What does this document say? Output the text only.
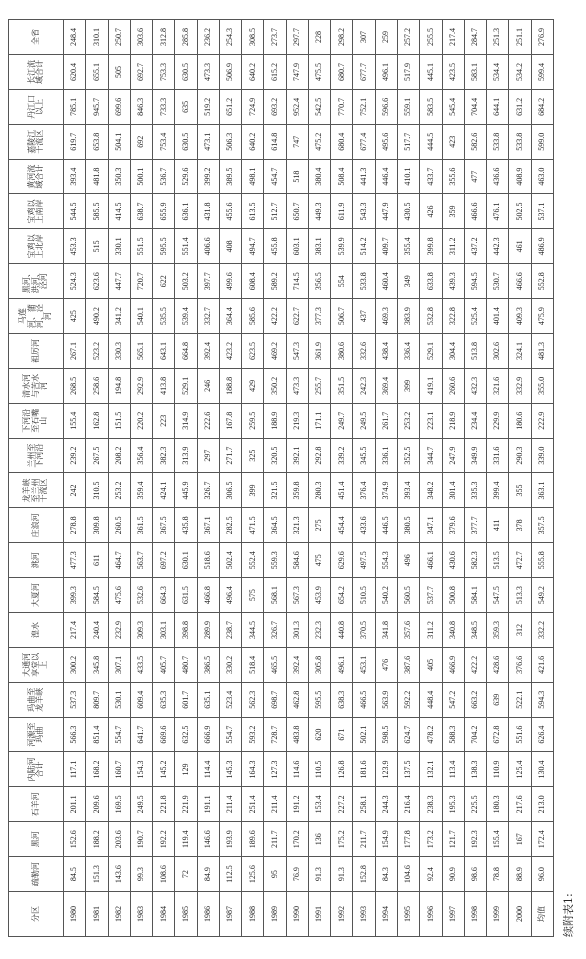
续附表1:
分区	疏勒河	黑河	石羊河	内陆河合计	河源至玛曲	玛曲至龙羊峡	大通河享堂以上	湟水	大夏河	洮河	庄浪河	龙羊峡至兰州干流区	兰州至下河沿	下河沿至石嘴山	清水河与苦水河	祖厉河	马莲河、蒲河、泾河	黑河、洪河、泾河	宝鸡以上北岸	宝鸡以上南岸	黄河流域合计	嘉陵江干流区	丹江口以上	长江流域合计	全省
1980	84.5	152.6	201.1	117.1	566.3	537.3	300.2	217.4	399.3	477.3	278.8	242	239.2	155.4	268.5	267.1	425	524.3	453.3	544.5	393.4	619.7	785.1	620.4	248.4
1981	151.3	188.2	209.6	168.2	851.4	809.7	345.8	240.4	584.5	611	309.8	310.5	267.5	162.8	258.6	523.2	490.2	623.6	515	585.5	481.8	653.8	945.7	655.1	310.1
1982	143.6	203.6	169.5	160.7	554.7	530.1	307.1	232.9	475.6	464.7	260.5	253.2	208.2	151.5	194.8	330.3	341.2	447.7	330.1	414.5	350.3	504.1	699.6	505	250.7
1983	99.3	190.7	249.5	154.3	641.7	609.4	433.5	309.3	532.6	563.7	361.5	359.4	356.4	220.2	292.9	565.1	540.1	720.7	551.5	638.7	500.1	692	846.3	692.7	303.6
1984	108.6	192.2	221.8	145.2	669.6	635.3	405.7	303.1	664.3	697.2	367.5	424.1	382.3	223	413.8	643.1	535.5	622	595.5	655.9	536.7	753.4	733.3	753.3	312.8
1985	72	119.4	221.9	129	632.5	601.7	480.7	398.8	631.5	630.1	435.8	445.9	313.9	314.9	529.1	664.8	539.4	503.2	551.4	636.1	529.6	630.5	635	630.5	285.8
1986	84.9	146.6	191.1	114.4	666.9	635.1	386.5	289.9	466.8	518.6	367.1	326.7	297	222.6	246	392.4	332.7	397.7	406.6	431.8	399.2	473.1	519.2	473.3	236.2
1987	112.5	193.9	211.4	145.3	554.7	523.4	330.2	238.7	496.4	502.4	282.5	306.5	271.7	167.8	188.8	423.2	364.4	499.6	408	455.6	389.5	506.3	651.2	506.9	254.3
1988	125.6	189.6	251.4	164.3	593.2	562.3	518.4	344.5	575	552.4	471.5	399	325	259.5	429	623.5	585.6	608.4	494.7	613.5	498.1	640.2	724.9	640.2	308.5
1989	95	211.7	211.4	127.3	728.7	698.7	465.5	326.7	568.1	559.3	364.5	321.5	320.5	188.9	350.2	469.2	422.2	589.2	455.8	512.7	454.7	614.8	693.2	615.2	273.7
1990	76.9	170.2	191.2	114.6	483.8	462.8	392.4	301.3	567.3	584.6	321.3	359.8	392.1	219.3	473.3	547.3	622.7	714.5	603.1	650.7	518	747	952.4	747.9	297.7
1991	91.3	136	153.4	110.5	620	595.5	305.8	232.3	453.9	475	275	280.3	292.8	171.1	255.7	361.9	377.3	356.5	383.1	449.3	380.4	475.2	542.5	475.5	228
1992	91.3	175.2	227.2	126.8	671	638.3	496.1	440.8	654.2	629.6	454.4	451.4	339.2	249.7	351.5	380.6	506.7	554	539.9	611.9	508.4	680.4	770.7	680.7	298.2
1993	152.8	211.7	258.1	181.6	502.1	466.5	453.1	370.5	510.5	497.5	433.6	376.4	345.5	249.5	242.3	332.6	437	533.8	514.2	543.3	441.3	677.4	752.1	677.7	307
1994	84.3	154.9	244.3	123.9	598.5	563.9	476	341.8	540.2	554.3	446.5	374.9	336.1	261.7	369.4	438.4	469.3	460.4	409.7	447.9	446.4	495.6	596.6	496.1	259
1995	104.6	177.8	216.4	137.5	624.7	592.2	387.6	357.6	560.5	496	380.5	393.4	352.5	253.2	399	336.4	383.9	349	355.4	430.5	410.1	517.7	559.1	517.9	257.2
1996	92.4	173.2	238.3	132.1	478.2	448.4	405	311.2	537.7	466.1	347.1	348.2	344.7	223.1	419.1	529.1	532.8	633.8	399.8	426	433.7	444.5	583.5	445.1	255.5
1997	90.9	121.7	195.3	113.4	588.3	547.2	466.9	340.8	500.8	430.6	379.6	301.4	247.9	218.9	260.6	304.4	322.8	439.3	311.2	359	355.6	423	545.4	423.5	217.4
1998	98.6	192.3	225.5	138.3	704.2	663.2	422.2	348.5	584.1	582.3	377.7	335.3	349.9	234.4	432.3	513.8	525.4	594.5	437.2	466.6	477	582.6	704.4	583.1	284.7
1999	78.8	155.4	180.3	110.9	672.8	639	428.6	359.3	547.5	513.5	411	399.4	331.6	229.9	321.6	302.6	401.4	530.7	442.3	476.1	436.6	533.8	644.1	534.4	251.3
2000	88.9	167	217.6	125.4	551.6	522.1	376.6	312	513.3	472.7	378	355	290.3	180.6	332.9	324.1	409.3	466.6	461	502.5	408.9	533.8	631.2	534.2	251.1
均值	96.0	172.4	213.0	130.4	626.4	594.3	421.6	332.2	549.2	555.8	357.5	363.1	339.0	222.9	355.0	481.3	475.9	552.8	486.9	537.1	463.0	599.0	684.2	599.4	276.9
